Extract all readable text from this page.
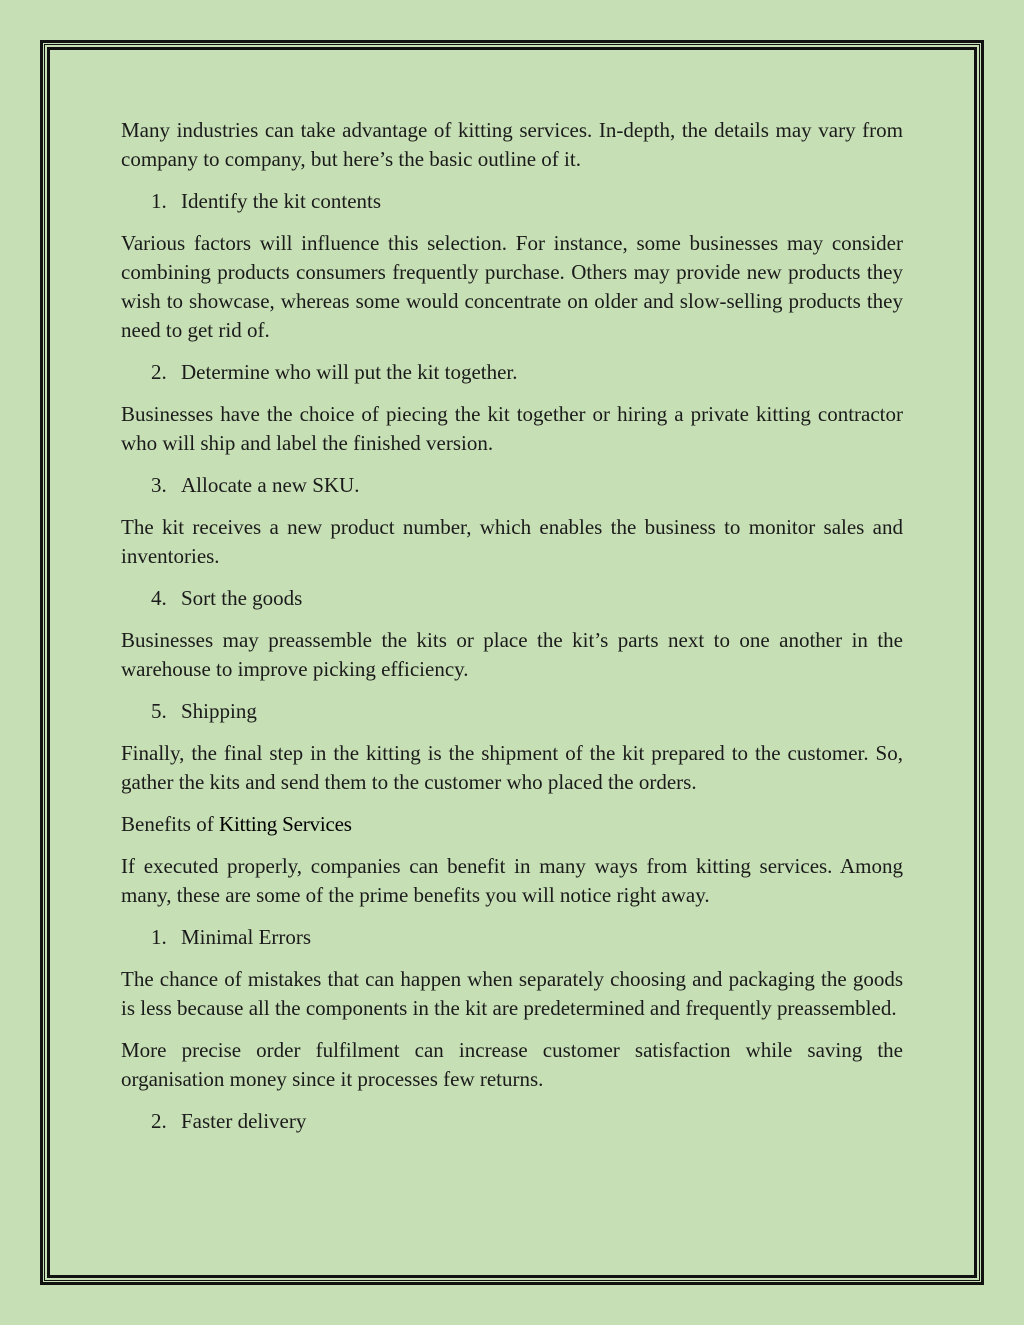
Many industries can take advantage of kitting services. In-depth, the details may vary from company to company, but here’s the basic outline of it.

1. Identify the kit contents

Various factors will influence this selection. For instance, some businesses may consider combining products consumers frequently purchase. Others may provide new products they wish to showcase, whereas some would concentrate on older and slow-selling products they need to get rid of.

2. Determine who will put the kit together.

Businesses have the choice of piecing the kit together or hiring a private kitting contractor who will ship and label the finished version.

3. Allocate a new SKU.

The kit receives a new product number, which enables the business to monitor sales and inventories.

4. Sort the goods

Businesses may preassemble the kits or place the kit’s parts next to one another in the warehouse to improve picking efficiency.

5. Shipping

Finally, the final step in the kitting is the shipment of the kit prepared to the customer. So, gather the kits and send them to the customer who placed the orders.

Benefits of Kitting Services

If executed properly, companies can benefit in many ways from kitting services. Among many, these are some of the prime benefits you will notice right away.

1. Minimal Errors

The chance of mistakes that can happen when separately choosing and packaging the goods is less because all the components in the kit are predetermined and frequently preassembled.

More precise order fulfilment can increase customer satisfaction while saving the organisation money since it processes few returns.

2. Faster delivery
